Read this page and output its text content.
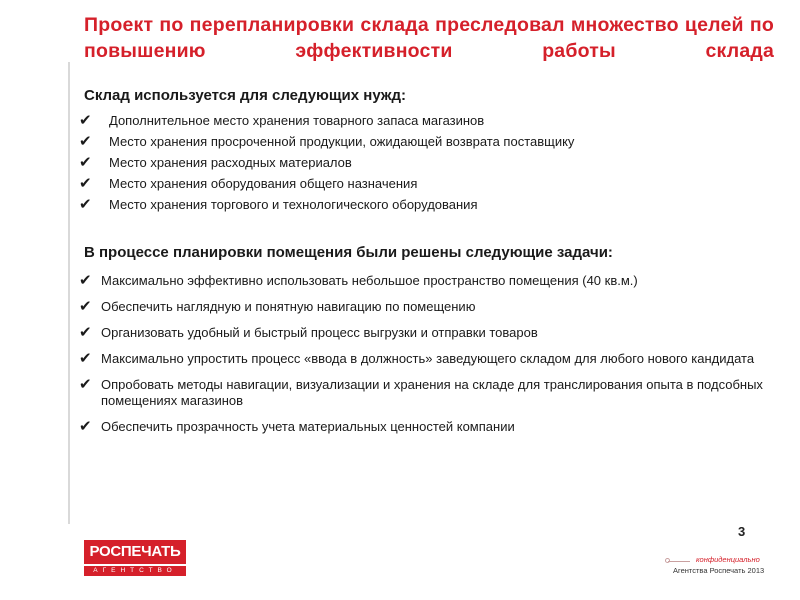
Проект по перепланировки склада преследовал множество целей по повышению эффективности работы склада
Склад используется для следующих нужд:
✔ Дополнительное место хранения товарного запаса магазинов
✔ Место хранения просроченной продукции, ожидающей возврата поставщику
✔ Место хранения расходных материалов
✔ Место хранения оборудования общего назначения
✔ Место хранения торгового и технологического оборудования
В процессе планировки помещения были решены следующие задачи:
✔ Максимально эффективно использовать небольшое пространство помещения (40 кв.м.)
✔ Обеспечить наглядную и понятную навигацию по помещению
✔ Организовать удобный и быстрый процесс выгрузки и отправки товаров
✔ Максимально упростить процесс «ввода в должность» заведующего складом для любого нового кандидата
✔ Опробовать методы навигации, визуализации и хранения на складе для транслирования опыта в подсобных помещениях магазинов
✔ Обеспечить прозрачность учета материальных ценностей компании
3
РОСПЕЧАТЬ
АГЕНТСТВО
конфиденциально
Агентства Роспечать 2013
